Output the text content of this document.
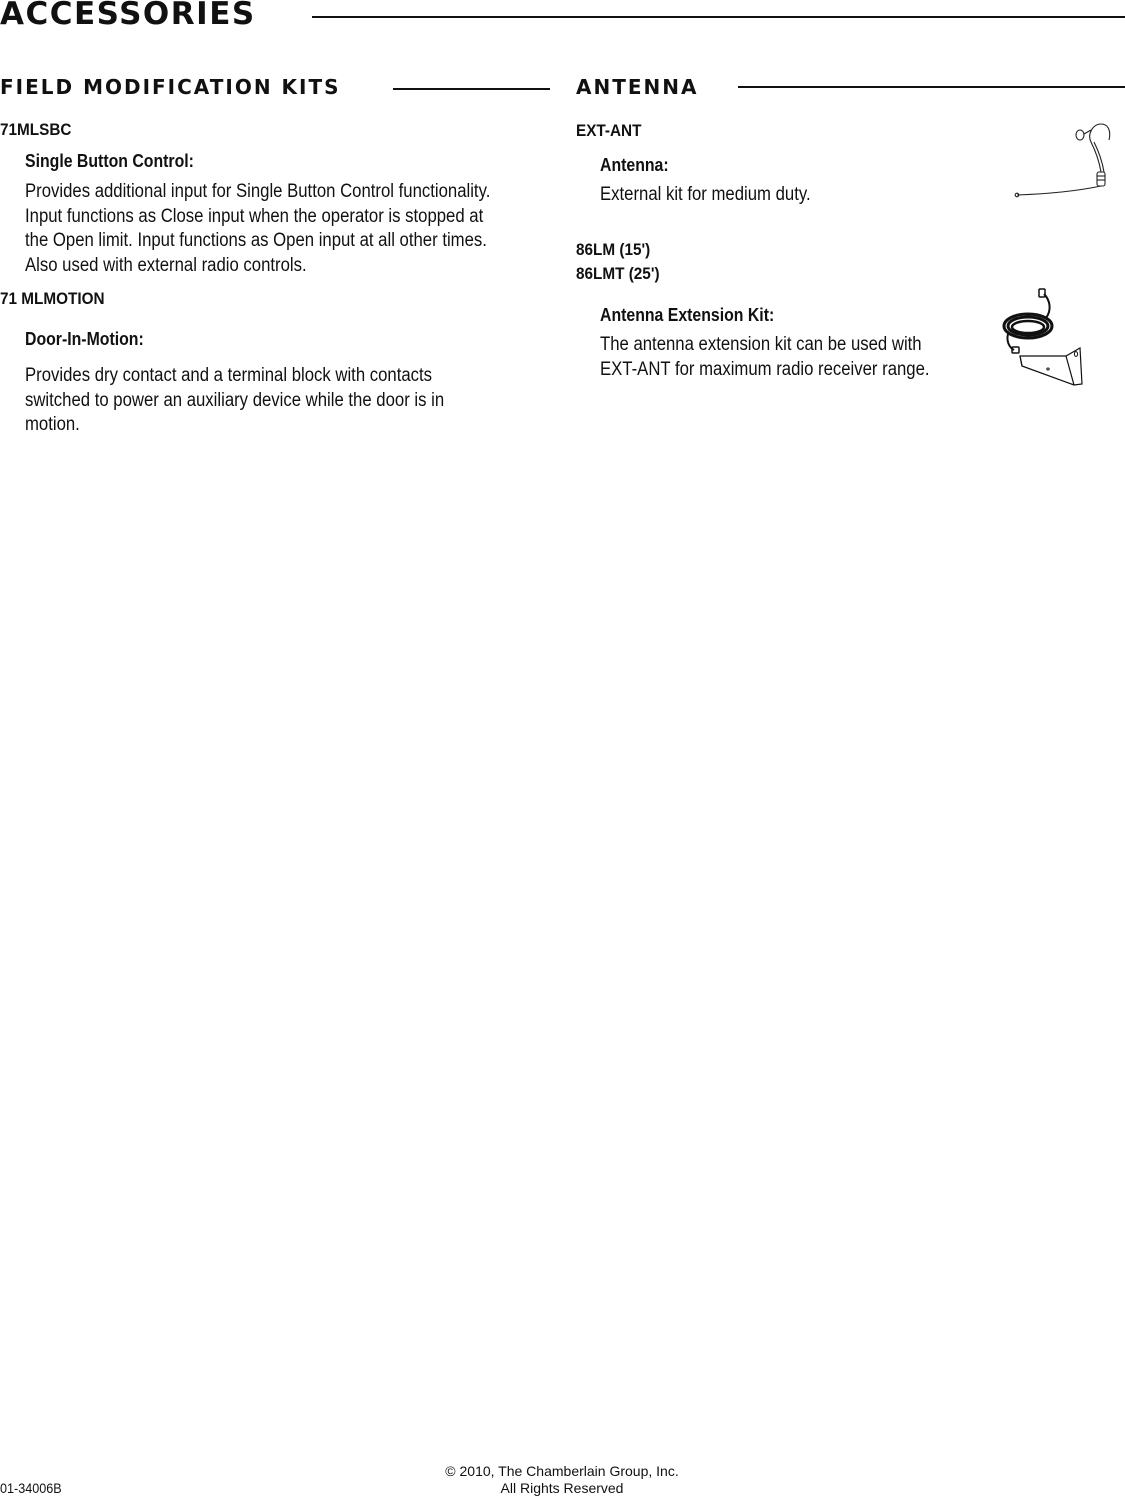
ACCESSORIES
FIELD MODIFICATION KITS
71MLSBC
Single Button Control:
Provides additional input for Single Button Control functionality.
Input functions as Close input when the operator is stopped at
the Open limit. Input functions as Open input at all other times.
Also used with external radio controls.
71 MLMOTION
Door-In-Motion:
Provides dry contact and a terminal block with contacts
switched to power an auxiliary device while the door is in
motion.
ANTENNA
EXT-ANT
Antenna:
External kit for medium duty.
86LM (15')
86LMT (25')
Antenna Extension Kit:
The antenna extension kit can be used with
EXT-ANT for maximum radio receiver range.
01-34006B
© 2010, The Chamberlain Group, Inc.
All Rights Reserved
